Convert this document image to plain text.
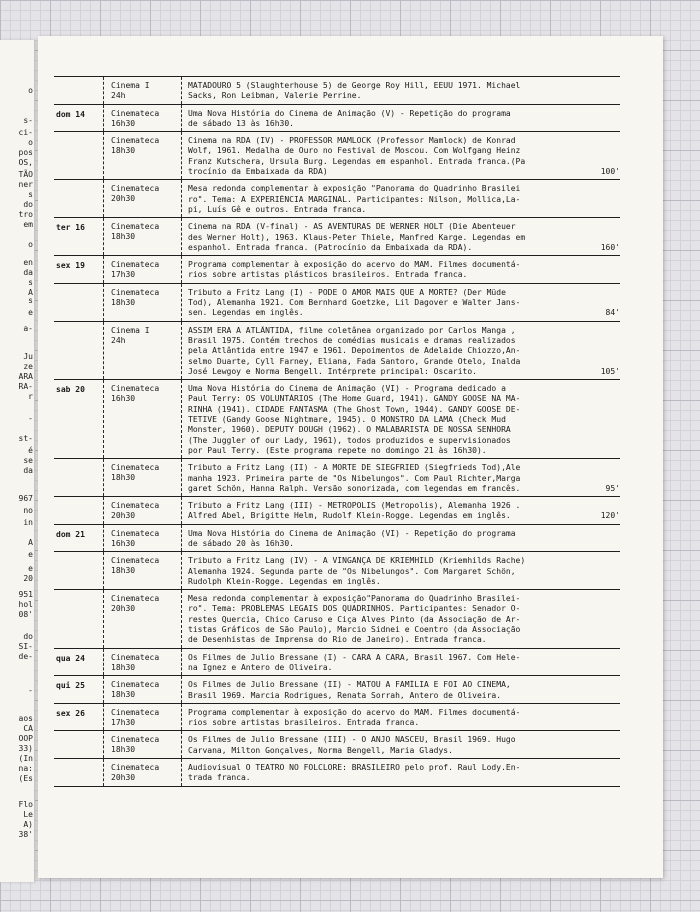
o
s-
ci-
o
pos
OS,
TÃO
ner
s
do
tro
em
o
en
da
s
A
s
e
a-
Ju
ze
ARA
RA-
r
-
st-
é
se
da
967
no
in
A
e
e
20
951
hol
08'
do
SI-
de-
-
aos
CA
OOP
33)
(In
na:
(Es
Flo
Le
A)
38'
Cinema I
24h
MATADOURO 5 (Slaughterhouse 5) de George Roy Hill, EEUU 1971. Michael
Sacks, Ron Leibman, Valerie Perrine.
dom 14	Cinemateca
16h30
Uma Nova História do Cinema de Animação (V) - Repetição do programa
de sábado 13 às 16h30.
Cinemateca
18h30
Cinema na RDA (IV) - PROFESSOR MAMLOCK (Professor Mamlock) de Konrad
Wolf, 1961. Medalha de Ouro no Festival de Moscou. Com Wolfgang Heinz
Franz Kutschera, Ursula Burg. Legendas em espanhol. Entrada franca.(Pa
trocínio da Embaixada da RDA)	100'
Cinemateca
20h30
Mesa redonda complementar à exposição "Panorama do Quadrinho Brasilei
ro". Tema: A EXPERIÊNCIA MARGINAL. Participantes: Nilson, Mollica,La-
pi, Luís Gê e outros. Entrada franca.
ter 16	Cinemateca
18h30
Cinema na RDA (V-final) - AS AVENTURAS DE WERNER HOLT (Die Abenteuer
des Werner Holt), 1963. Klaus-Peter Thiele, Manfred Karge. Legendas em
espanhol. Entrada franca. (Patrocínio da Embaixada da RDA).	160'
sex 19	Cinemateca
17h30
Programa complementar à exposição do acervo do MAM. Filmes documentá-
rios sobre artistas plásticos brasileiros. Entrada franca.
Cinemateca
18h30
Tributo a Fritz Lang (I) - PODE O AMOR MAIS QUE A MORTE? (Der Müde
Tod), Alemanha 1921. Com Bernhard Goetzke, Lil Dagover e Walter Jans-
sen. Legendas em inglês.	84'
Cinema I
24h
ASSIM ERA A ATLÂNTIDA, filme coletânea organizado por Carlos Manga ,
Brasil 1975. Contém trechos de comédias musicais e dramas realizados
pela Atlântida entre 1947 e 1961. Depoimentos de Adelaide Chiozzo,An-
selmo Duarte, Cyll Farney, Eliana, Fada Santoro, Grande Otelo, Inalda
José Lewgoy e Norma Bengell. Intérprete principal: Oscarito.	105'
sab 20	Cinemateca
16h30
Uma Nova História do Cinema de Animação (VI) - Programa dedicado a
Paul Terry: OS VOLUNTÁRIOS (The Home Guard, 1941). GANDY GOOSE NA MA-
RINHA (1941). CIDADE FANTASMA (The Ghost Town, 1944). GANDY GOOSE DE-
TETIVE (Gandy Goose Nightmare, 1945). O MONSTRO DA LAMA (Check Mud
Monster, 1960). DEPUTY DOUGH (1962). O MALABARISTA DE NOSSA SENHORA
(The Juggler of our Lady, 1961), todos produzidos e supervisionados
por Paul Terry. (Este programa repete no domingo 21 às 16h30).
Cinemateca
18h30
Tributo a Fritz Lang (II) - A MORTE DE SIEGFRIED (Siegfrieds Tod),Ale
manha 1923. Primeira parte de "Os Nibelungos". Com Paul Richter,Marga
garet Schön, Hanna Ralph. Versão sonorizada, com legendas em francês.	95'
Cinemateca
20h30
Tributo a Fritz Lang (III) - METROPOLIS (Metropolis), Alemanha 1926 .
Alfred Abel, Brigitte Helm, Rudolf Klein-Rogge. Legendas em inglês.	120'
dom 21	Cinemateca
16h30
Uma Nova História do Cinema de Animação (VI) - Repetição do programa
de sábado 20 às 16h30.
Cinemateca
18h30
Tributo a Fritz Lang (IV) - A VINGANÇA DE KRIEMHILD (Kriemhilds Rache)
Alemanha 1924. Segunda parte de "Os Nibelungos". Com Margaret Schön,
Rudolph Klein-Rogge. Legendas em inglês.
Cinemateca
20h30
Mesa redonda complementar à exposição"Panorama do Quadrinho Brasilei-
ro". Tema: PROBLEMAS LEGAIS DOS QUADRINHOS. Participantes: Senador O-
restes Quercia, Chico Caruso e Ciça Alves Pinto (da Associação de Ar-
tistas Gráficos de São Paulo), Marcio Sidnei e Coentro (da Associação
de Desenhistas de Imprensa do Rio de Janeiro). Entrada franca.
qua 24	Cinemateca
18h30
Os Filmes de Julio Bressane (I) - CARA A CARA, Brasil 1967. Com Hele-
na Ignez e Antero de Oliveira.
qui 25	Cinemateca
18h30
Os Filmes de Julio Bressane (II) - MATOU A FAMÍLIA E FOI AO CINEMA,
Brasil 1969. Marcia Rodrigues, Renata Sorrah, Antero de Oliveira.
sex 26	Cinemateca
17h30
Programa complementar à exposição do acervo do MAM. Filmes documentá-
rios sobre artistas brasileiros. Entrada franca.
Cinemateca
18h30
Os Filmes de Julio Bressane (III) - O ANJO NASCEU, Brasil 1969. Hugo
Carvana, Milton Gonçalves, Norma Bengell, Maria Gladys.
Cinemateca
20h30
Audiovisual O TEATRO NO FOLCLORE: BRASILEIRO pelo prof. Raul Lody.En-
trada franca.
